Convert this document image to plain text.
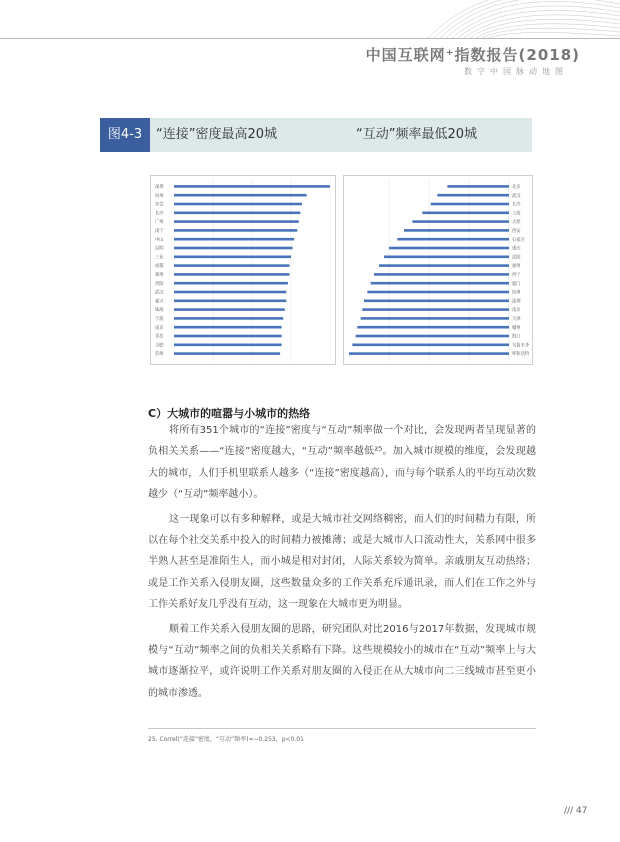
中国互联网⁺指数报告(2018)
数字中国脉动地图
图4-3	“连接”密度最高20城	“互动”频率最低20城
深圳
杭州
东莞
长沙
广州
南宁
中山
昆明
三亚
成都
郑州
贵阳
武汉
嘉兴
珠海
宁波
南京
青岛
合肥
苏州
北京
武汉
长沙
上海
太原
西安
石家庄
重庆
沈阳
福州
西宁
厦门
杭州
深圳
南京
天津
赣州
海口
乌鲁木齐
呼和浩特
C）大城市的喧嚣与小城市的热络

将所有351个城市的“连接”密度与“互动”频率做一个对比，会发现两者呈现显著的负相关关系——“连接”密度越大，“互动”频率越低²⁵。加入城市规模的维度，会发现越大的城市，人们手机里联系人越多（“连接”密度越高），而与每个联系人的平均互动次数越少（“互动”频率越小）。

这一现象可以有多种解释，或是大城市社交网络稠密，而人们的时间精力有限，所以在每个社交关系中投入的时间精力被摊薄；或是大城市人口流动性大，关系网中很多半熟人甚至是准陌生人，而小城是相对封闭，人际关系较为简单。亲戚朋友互动热络；或是工作关系入侵朋友圈，这些数量众多的工作关系充斥通讯录，而人们在工作之外与工作关系好友几乎没有互动，这一现象在大城市更为明显。

顺着工作关系入侵朋友圈的思路，研究团队对比2016与2017年数据，发现城市规模与“互动”频率之间的负相关关系略有下降。这些规模较小的城市在“互动”频率上与大城市逐渐拉平，或许说明工作关系对朋友圈的入侵正在从大城市向二三线城市甚至更小的城市渗透。

25. Correl(“连接”密度，“互动”频率)=−0.253，p<0.01
/// 47
